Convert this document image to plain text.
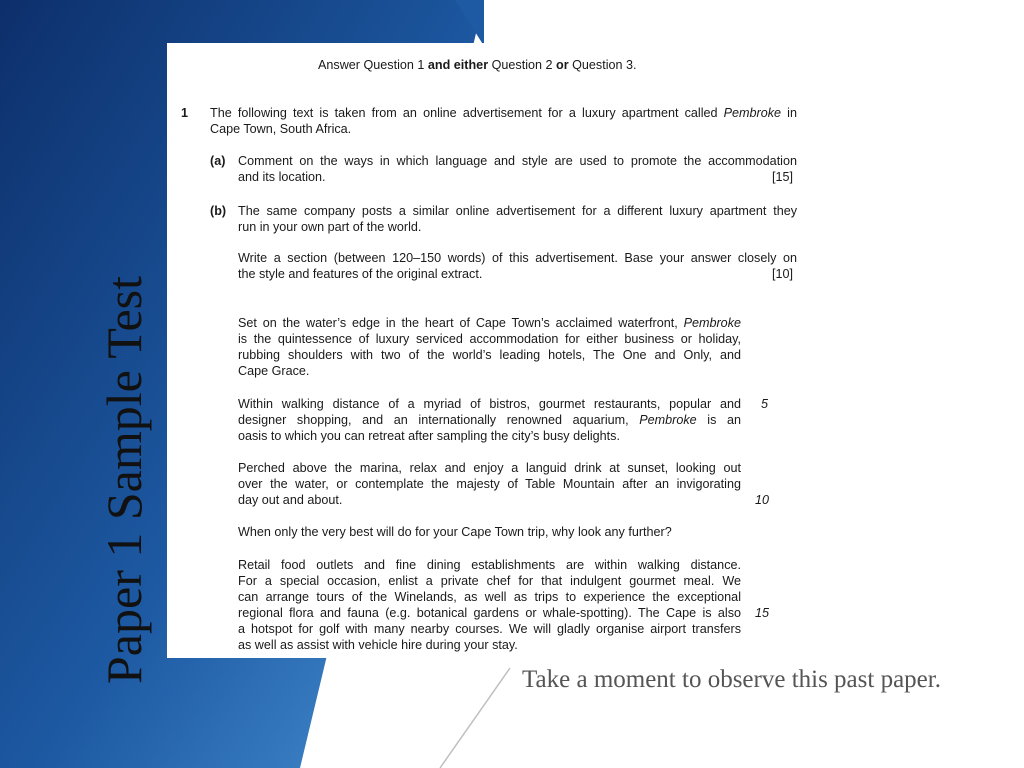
Paper 1 Sample Test
Answer Question 1 and either Question 2 or Question 3.
1 The following text is taken from an online advertisement for a luxury apartment called Pembroke in
Cape Town, South Africa.
(a) Comment on the ways in which language and style are used to promote the accommodation
and its location.	[15]
(b) The same company posts a similar online advertisement for a different luxury apartment they
run in your own part of the world.
Write a section (between 120–150 words) of this advertisement. Base your answer closely on
the style and features of the original extract.	[10]
Set on the water’s edge in the heart of Cape Town’s acclaimed waterfront, Pembroke
is the quintessence of luxury serviced accommodation for either business or holiday,
rubbing shoulders with two of the world’s leading hotels, The One and Only, and
Cape Grace.
Within walking distance of a myriad of bistros, gourmet restaurants, popular and 5
designer shopping, and an internationally renowned aquarium, Pembroke is an
oasis to which you can retreat after sampling the city’s busy delights.
Perched above the marina, relax and enjoy a languid drink at sunset, looking out
over the water, or contemplate the majesty of Table Mountain after an invigorating
day out and about.	10
When only the very best will do for your Cape Town trip, why look any further?
Retail food outlets and fine dining establishments are within walking distance.
For a special occasion, enlist a private chef for that indulgent gourmet meal. We
can arrange tours of the Winelands, as well as trips to experience the exceptional
regional flora and fauna (e.g. botanical gardens or whale-spotting). The Cape is also 15
a hotspot for golf with many nearby courses. We will gladly organise airport transfers
as well as assist with vehicle hire during your stay.
Take a moment to observe this past paper.
